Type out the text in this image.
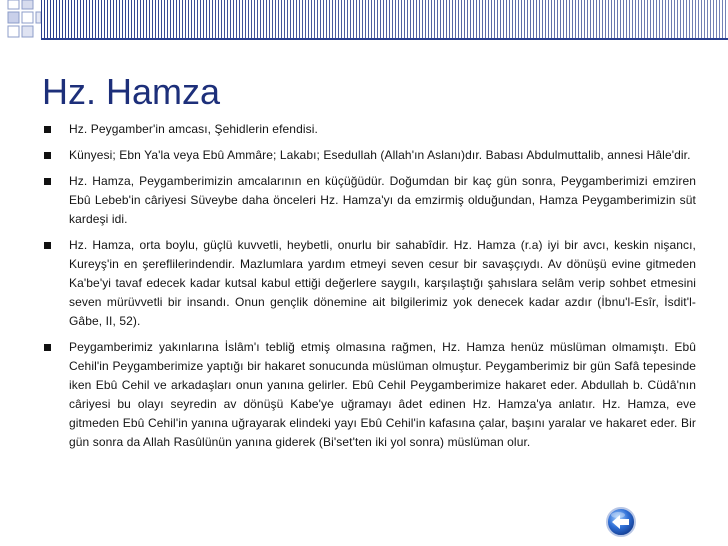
Hz. Hamza
Hz. Peygamber'in amcası, Şehidlerin efendisi.
Künyesi; Ebn Ya'la veya Ebû Ammâre; Lakabı; Esedullah (Allah'ın Aslanı)dır. Babası Abdulmuttalib, annesi Hâle'dir.
Hz. Hamza, Peygamberimizin amcalarının en küçüğüdür. Doğumdan bir kaç gün sonra, Peygamberimizi emziren Ebû Lebeb'in câriyesi Süveybe daha önceleri Hz. Hamza'yı da emzirmiş olduğundan, Hamza Peygamberimizin süt kardeşi idi.
Hz. Hamza, orta boylu, güçlü kuvvetli, heybetli, onurlu bir sahabîdir. Hz. Hamza (r.a) iyi bir avcı, keskin nişancı, Kureyş'in en şereflilerindendir. Mazlumlara yardım etmeyi seven cesur bir savaşçıydı. Av dönüşü evine gitmeden Ka'be'yi tavaf edecek kadar kutsal kabul ettiği değerlere saygılı, karşılaştığı şahıslara selâm verip sohbet etmesini seven mürüvvetli bir insandı. Onun gençlik dönemine ait bilgilerimiz yok denecek kadar azdır (İbnu'l-Esîr, İsdit'l-Gâbe, II, 52).
Peygamberimiz yakınlarına İslâm'ı tebliğ etmiş olmasına rağmen, Hz. Hamza henüz müslüman olmamıştı. Ebû Cehil'in Peygamberimize yaptığı bir hakaret sonucunda müslüman olmuştur. Peygamberimiz bir gün Safâ tepesinde iken Ebû Cehil ve arkadaşları onun yanına gelirler. Ebû Cehil Peygamberimize hakaret eder. Abdullah b. Cüdâ'nın câriyesi bu olayı seyredin av dönüşü Kabe'ye uğramayı âdet edinen Hz. Hamza'ya anlatır. Hz. Hamza, eve gitmeden Ebû Cehil'in yanına uğrayarak elindeki yayı Ebû Cehil'in kafasına çalar, başını yaralar ve hakaret eder. Bir gün sonra da Allah Rasûlünün yanına giderek (Bi'set'ten iki yol sonra) müslüman olur.
